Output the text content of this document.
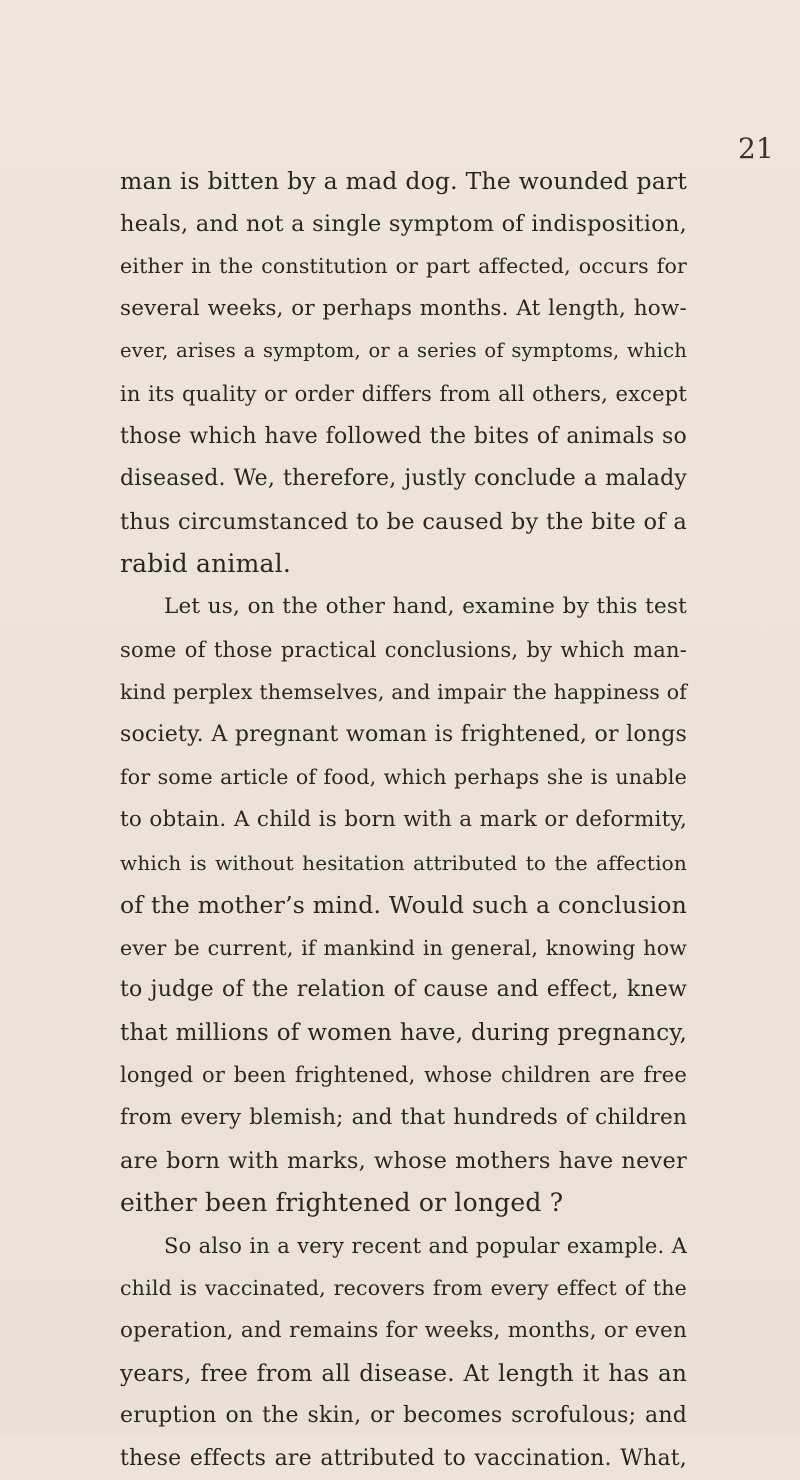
21
man is bitten by a mad dog. The wounded part
heals, and not a single symptom of indisposition,
either in the constitution or part affected, occurs for
several weeks, or perhaps months. At length, how-
ever, arises a symptom, or a series of symptoms, which
in its quality or order differs from all others, except
those which have followed the bites of animals so
diseased. We, therefore, justly conclude a malady
thus circumstanced to be caused by the bite of a
rabid animal.
Let us, on the other hand, examine by this test
some of those practical conclusions, by which man-
kind perplex themselves, and impair the happiness of
society. A pregnant woman is frightened, or longs
for some article of food, which perhaps she is unable
to obtain. A child is born with a mark or deformity,
which is without hesitation attributed to the affection
of the mother’s mind. Would such a conclusion
ever be current, if mankind in general, knowing how
to judge of the relation of cause and effect, knew
that millions of women have, during pregnancy,
longed or been frightened, whose children are free
from every blemish; and that hundreds of children
are born with marks, whose mothers have never
either been frightened or longed ?
So also in a very recent and popular example. A
child is vaccinated, recovers from every effect of the
operation, and remains for weeks, months, or even
years, free from all disease. At length it has an
eruption on the skin, or becomes scrofulous; and
these effects are attributed to vaccination. What,
